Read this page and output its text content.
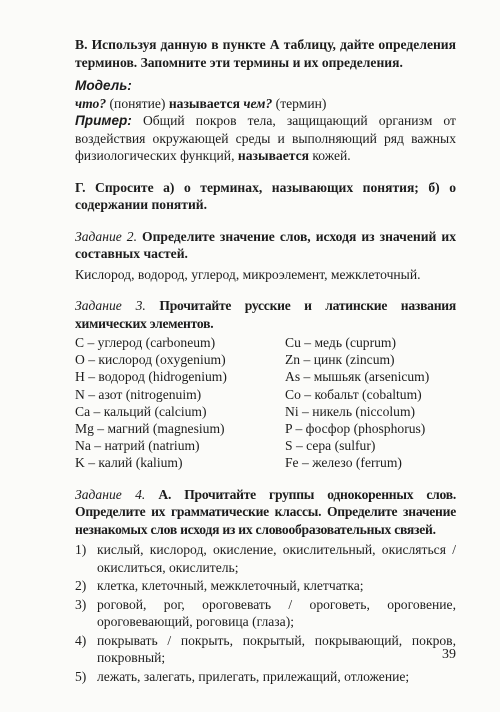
В. Используя данную в пункте А таблицу, дайте определения терминов. Запомните эти термины и их определения.

Модель:

что? (понятие) называется чем? (термин)

Пример: Общий покров тела, защищающий организм от воздействия окружающей среды и выполняющий ряд важных физиологических функций, называется кожей.

Г. Спросите а) о терминах, называющих понятия; б) о содержании понятий.

Задание 2. Определите значение слов, исходя из значений их составных частей.

Кислород, водород, углерод, микроэлемент, межклеточный.

Задание 3. Прочитайте русские и латинские названия химических элементов.

C – углерод (carboneum)	Cu – медь (cuprum)
O – кислород (oxygenium)	Zn – цинк (zincum)
H – водород (hidrogenium)	As – мышьяк (arsenicum)
N – азот (nitrogenuim)	Co – кобальт (cobaltum)
Ca – кальций (calcium)	Ni – никель (niccolum)
Mg – магний (magnesium)	P – фосфор (phosphorus)
Na – натрий (natrium)	S – сера (sulfur)
K – калий (kalium)	Fe – железо (ferrum)

Задание 4. А. Прочитайте группы однокоренных слов. Определите их грамматические классы. Определите значение незнакомых слов исходя из их словообразовательных связей.

1) кислый, кислород, окисление, окислительный, окисляться / окислиться, окислитель;
2) клетка, клеточный, межклеточный, клетчатка;
3) роговой, рог, ороговевать / ороговеть, ороговение, ороговевающий, роговица (глаза);
4) покрывать / покрыть, покрытый, покрывающий, покров, покровный;
5) лежать, залегать, прилегать, прилежащий, отложение;
39
